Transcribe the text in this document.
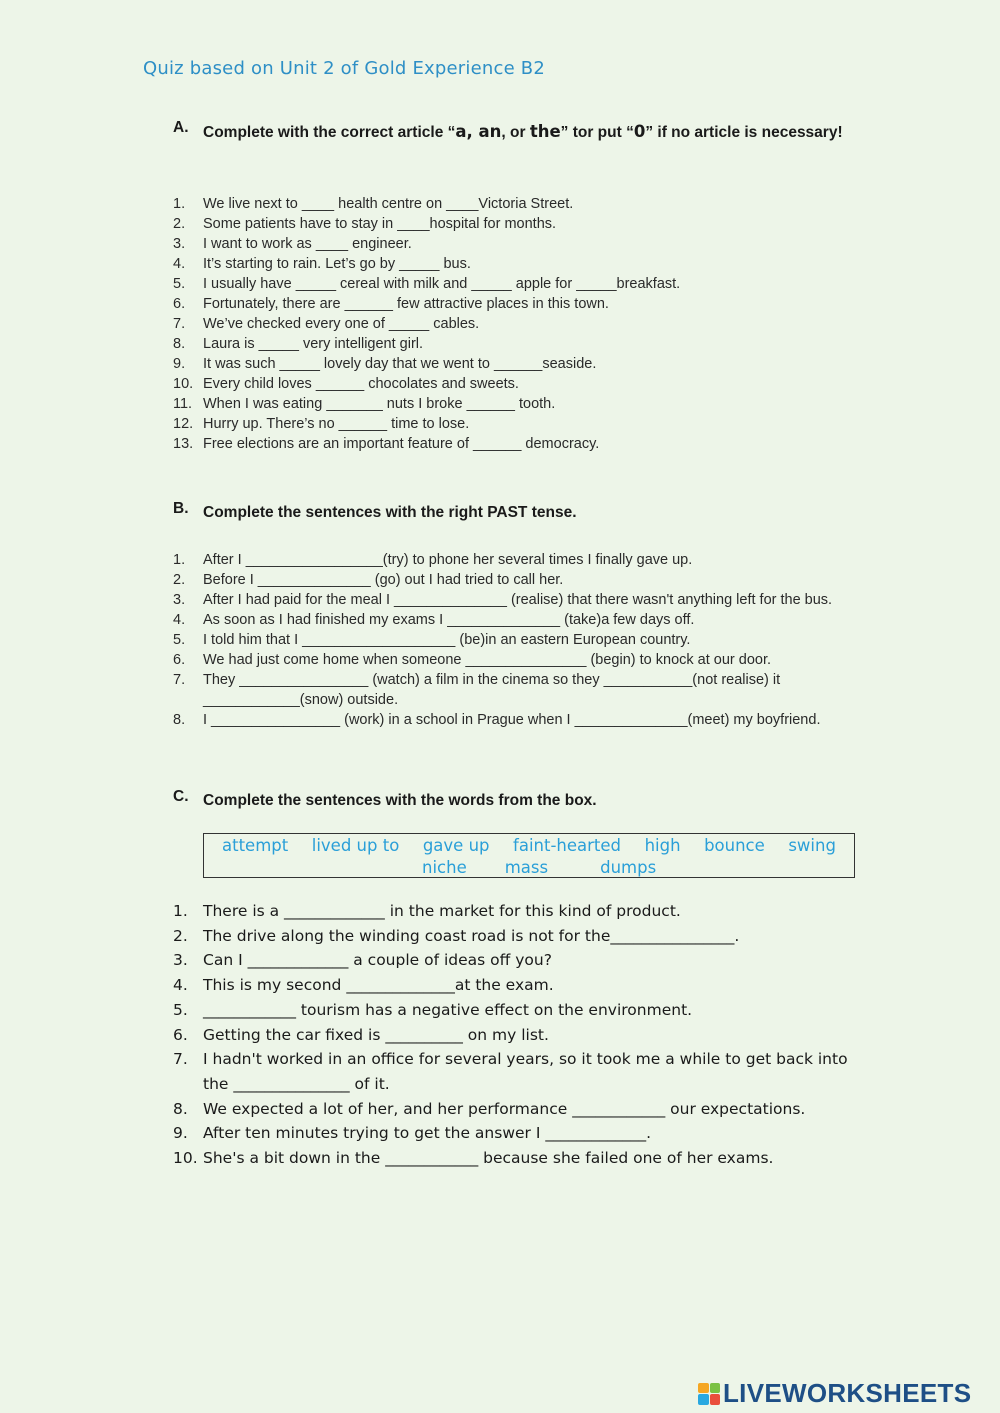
Quiz based on Unit 2 of Gold Experience B2
A. Complete with the correct article “a, an, or the” tor put “0” if no article is necessary!
1.	We live next to ____ health centre on ____Victoria Street.
2.	Some patients have to stay in ____hospital for months.
3.	I want to work as ____ engineer.
4.	It’s starting to rain. Let’s go by _____ bus.
5.	I usually have _____ cereal with milk and _____ apple for _____breakfast.
6.	Fortunately, there are ______ few attractive places in this town.
7.	We’ve checked every one of _____ cables.
8.	Laura is _____ very intelligent girl.
9.	It was such _____ lovely day that we went to ______seaside.
10. Every child loves ______ chocolates and sweets.
11. When I was eating _______ nuts I broke ______ tooth.
12. Hurry up. There’s no ______ time to lose.
13. Free elections are an important feature of ______ democracy.
B. Complete the sentences with the right PAST tense.
1.	After I _________________(try) to phone her several times I finally gave up.
2.	Before I ______________ (go) out I had tried to call her.
3.	After I had paid for the meal I ______________ (realise) that there wasn't anything left for the bus.
4.	As soon as I had finished my exams I ______________ (take)a few days off.
5.	I told him that I ___________________ (be)in an eastern European country.
6.	We had just come home when someone _______________ (begin) to knock at our door.
7.	They ________________ (watch) a film in the cinema so they ___________(not realise) it ____________(snow) outside.
8.	I ________________ (work) in a school in Prague when I ______________(meet) my boyfriend.
C. Complete the sentences with the words from the box.
attempt lived up to gave up faint-hearted high bounce swing
niche mass	dumps
1. There is a _____________ in the market for this kind of product.
2. The drive along the winding coast road is not for the________________.
3. Can I _____________ a couple of ideas off you?
4. This is my second ______________at the exam.
5. ____________ tourism has a negative effect on the environment.
6. Getting the car fixed is __________ on my list.
7. I hadn't worked in an office for several years, so it took me a while to get back into the _______________ of it.
8. We expected a lot of her, and her performance ____________ our expectations.
9. After ten minutes trying to get the answer I _____________.
10. She's a bit down in the ____________ because she failed one of her exams.
LIVEWORKSHEETS
